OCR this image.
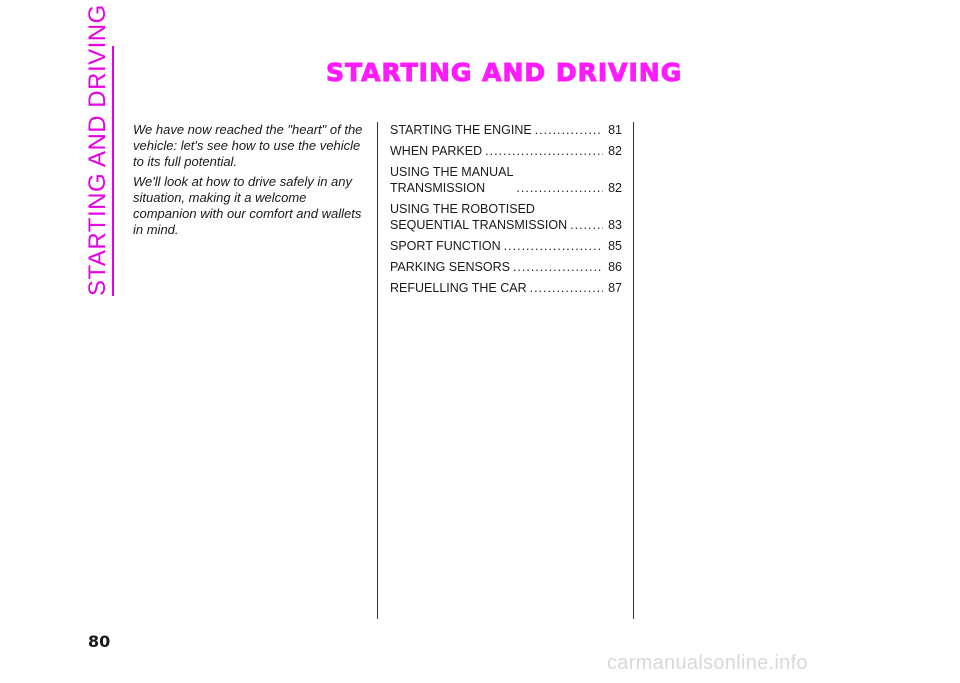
STARTING AND DRIVING	STARTING AND DRIVING

We have now reached the "heart" of the vehicle: let's see how to use the vehicle to its full potential.

We'll look at how to drive safely in any situation, making it a welcome companion with our comfort and wallets in mind.

STARTING THE ENGINE .....	81
WHEN PARKED .....	82
USING THE MANUAL
TRANSMISSION .....	82
USING THE ROBOTISED
SEQUENTIAL TRANSMISSION .....	83
SPORT FUNCTION .....	85
PARKING SENSORS .....	86
REFUELLING THE CAR .....	87
80
carmanualsonline.info
